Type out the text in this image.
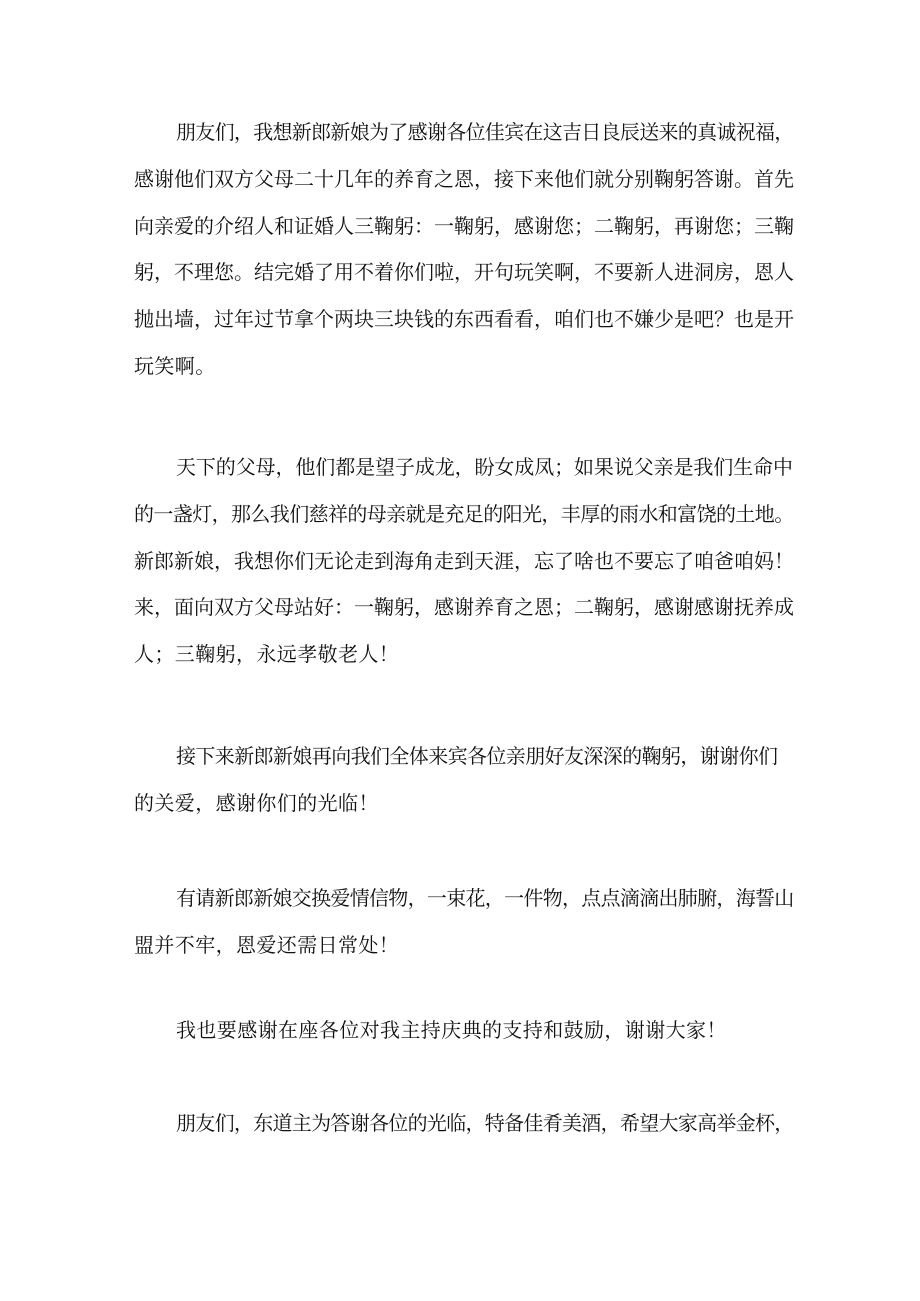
朋友们，我想新郎新娘为了感谢各位佳宾在这吉日良辰送来的真诚祝福，
感谢他们双方父母二十几年的养育之恩，接下来他们就分别鞠躬答谢。首先
向亲爱的介绍人和证婚人三鞠躬：一鞠躬，感谢您；二鞠躬，再谢您；三鞠
躬，不理您。结完婚了用不着你们啦，开句玩笑啊，不要新人进洞房，恩人
抛出墙，过年过节拿个两块三块钱的东西看看，咱们也不嫌少是吧？也是开
玩笑啊。
天下的父母，他们都是望子成龙，盼女成凤；如果说父亲是我们生命中
的一盏灯，那么我们慈祥的母亲就是充足的阳光，丰厚的雨水和富饶的土地。
新郎新娘，我想你们无论走到海角走到天涯，忘了啥也不要忘了咱爸咱妈！
来，面向双方父母站好：一鞠躬，感谢养育之恩；二鞠躬，感谢感谢抚养成
人；三鞠躬，永远孝敬老人！
接下来新郎新娘再向我们全体来宾各位亲朋好友深深的鞠躬，谢谢你们
的关爱，感谢你们的光临！
有请新郎新娘交换爱情信物，一束花，一件物，点点滴滴出肺腑，海誓山
盟并不牢，恩爱还需日常处！
我也要感谢在座各位对我主持庆典的支持和鼓励，谢谢大家！
朋友们，东道主为答谢各位的光临，特备佳肴美酒，希望大家高举金杯，
